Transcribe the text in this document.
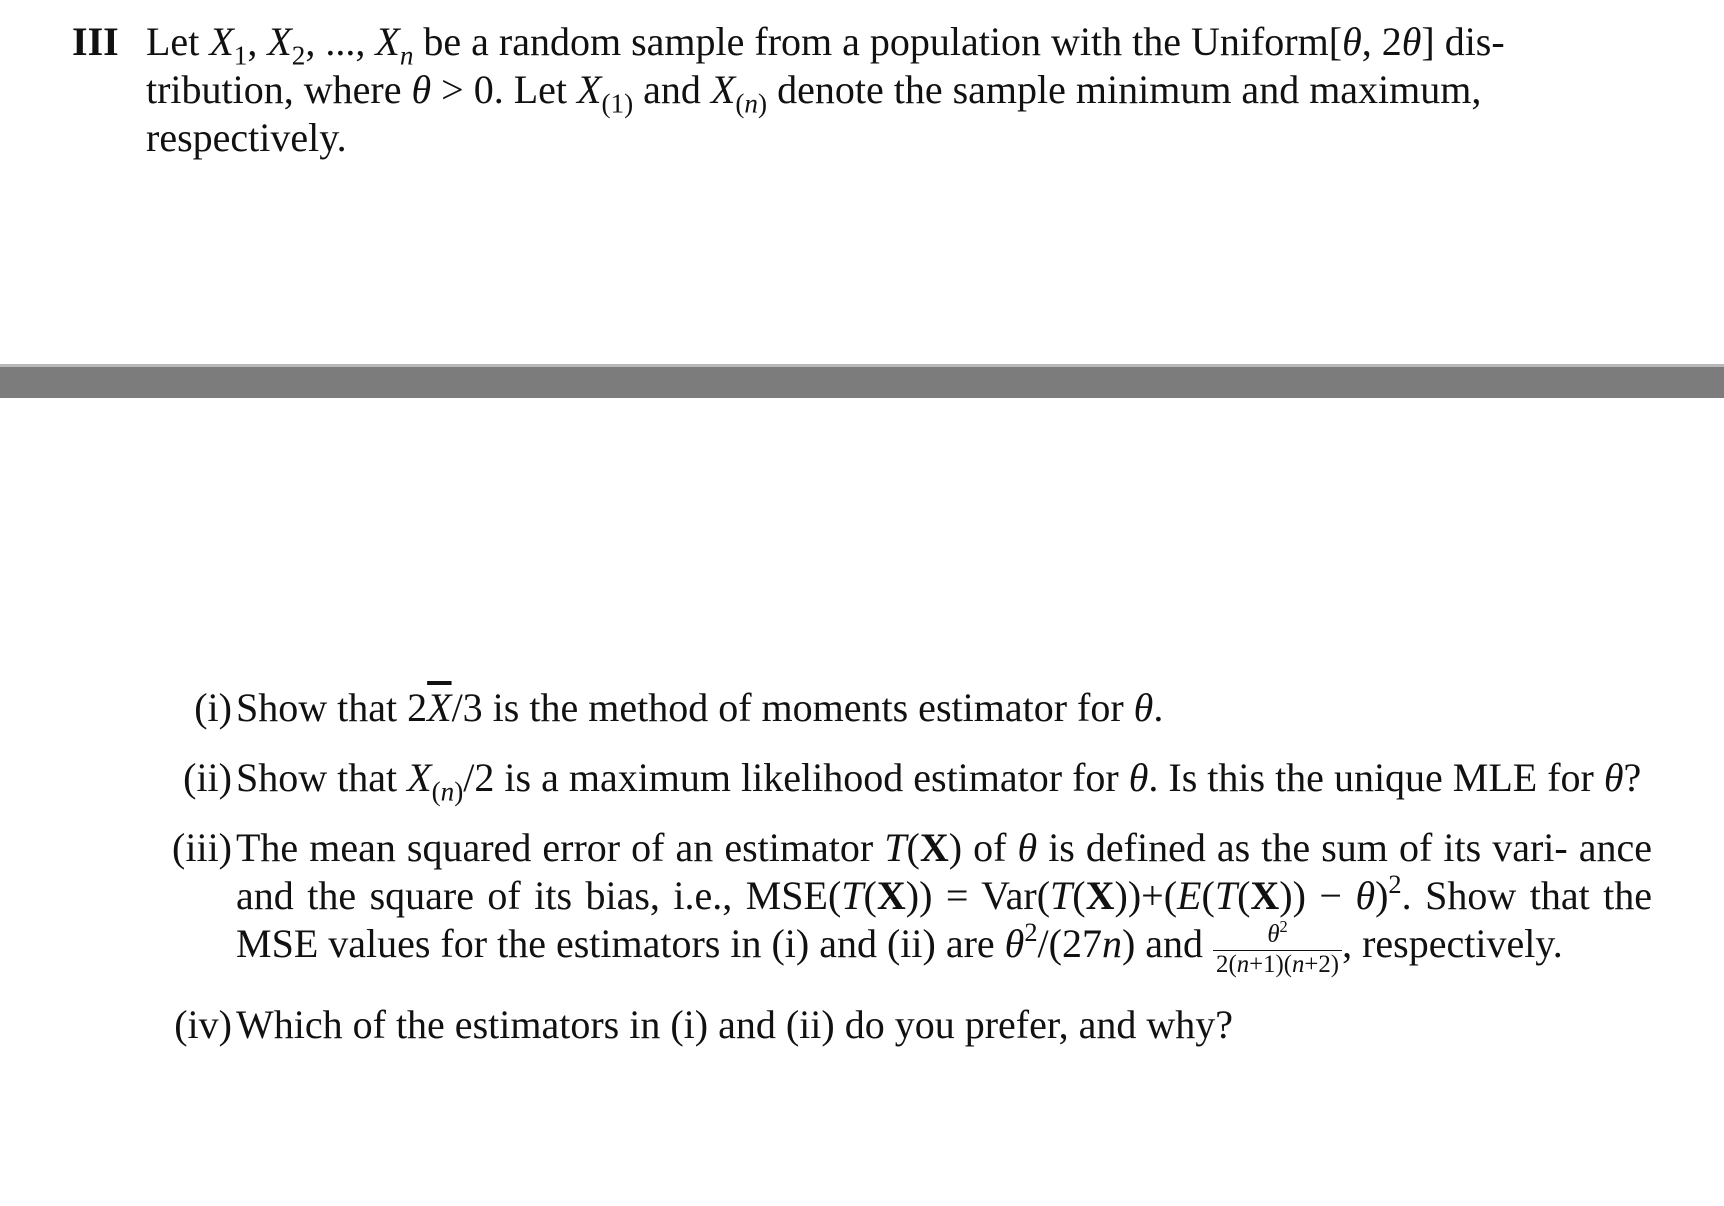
III Let $X_1$, $X_2$, ..., $X_n$ be a random sample from a population with the Uniform[θ, 2θ] dis-
tribution, where θ > 0. Let $X_{(1)}$ and $X_{(n)}$ denote the sample minimum and maximum,
respectively.
(i) Show that $2\overline{X}/3$ is the method of moments estimator for θ.
(ii) Show that $X_{(n)}/2$ is a maximum likelihood estimator for θ. Is this the unique MLE for θ?
(iii) The mean squared error of an estimator T(X) of θ is defined as the sum of its vari- ance and the square of its bias, i.e., $MSE(T(X)) = Var(T(X))+(E(T(X)) - \theta)^2$. Show that the MSE values for the estimators in (i) and (ii) are $\theta^2/(27n)$ and $\frac{\theta^2}{2(n+1)(n+2)}$ , respectively.
(iv) Which of the estimators in (i) and (ii) do you prefer, and why?
